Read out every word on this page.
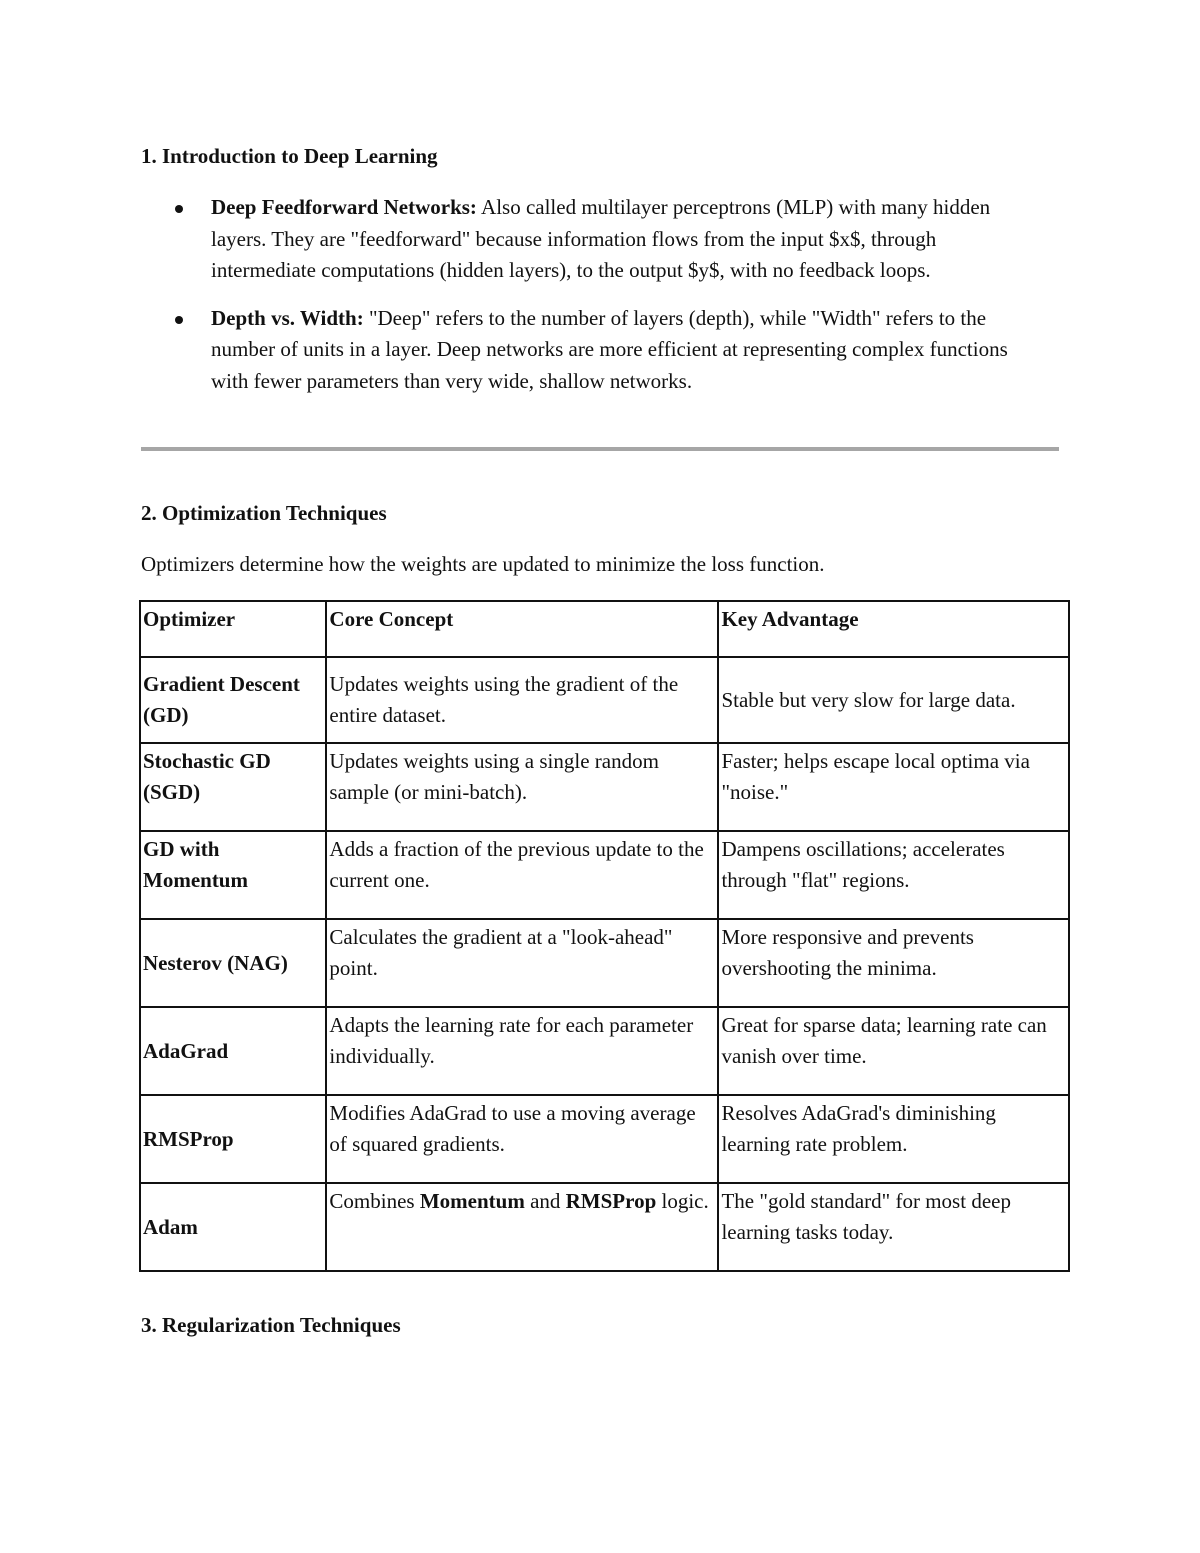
1. Introduction to Deep Learning
Deep Feedforward Networks: Also called multilayer perceptrons (MLP) with many hidden layers. They are "feedforward" because information flows from the input $x$, through intermediate computations (hidden layers), to the output $y$, with no feedback loops.
Depth vs. Width: "Deep" refers to the number of layers (depth), while "Width" refers to the number of units in a layer. Deep networks are more efficient at representing complex functions with fewer parameters than very wide, shallow networks.
2. Optimization Techniques

Optimizers determine how the weights are updated to minimize the loss function.

Optimizer	Core Concept	Key Advantage
Gradient Descent (GD)	Updates weights using the gradient of the entire dataset.	Stable but very slow for large data.
Stochastic GD (SGD)	Updates weights using a single random sample (or mini-batch).	Faster; helps escape local optima via "noise."
GD with Momentum	Adds a fraction of the previous update to the current one.	Dampens oscillations; accelerates through "flat" regions.
Nesterov (NAG)	Calculates the gradient at a "look-ahead" point.	More responsive and prevents overshooting the minima.
AdaGrad	Adapts the learning rate for each parameter individually.	Great for sparse data; learning rate can vanish over time.
RMSProp	Modifies AdaGrad to use a moving average of squared gradients.	Resolves AdaGrad's diminishing learning rate problem.
Adam	Combines Momentum and RMSProp logic.	The "gold standard" for most deep learning tasks today.
3. Regularization Techniques
